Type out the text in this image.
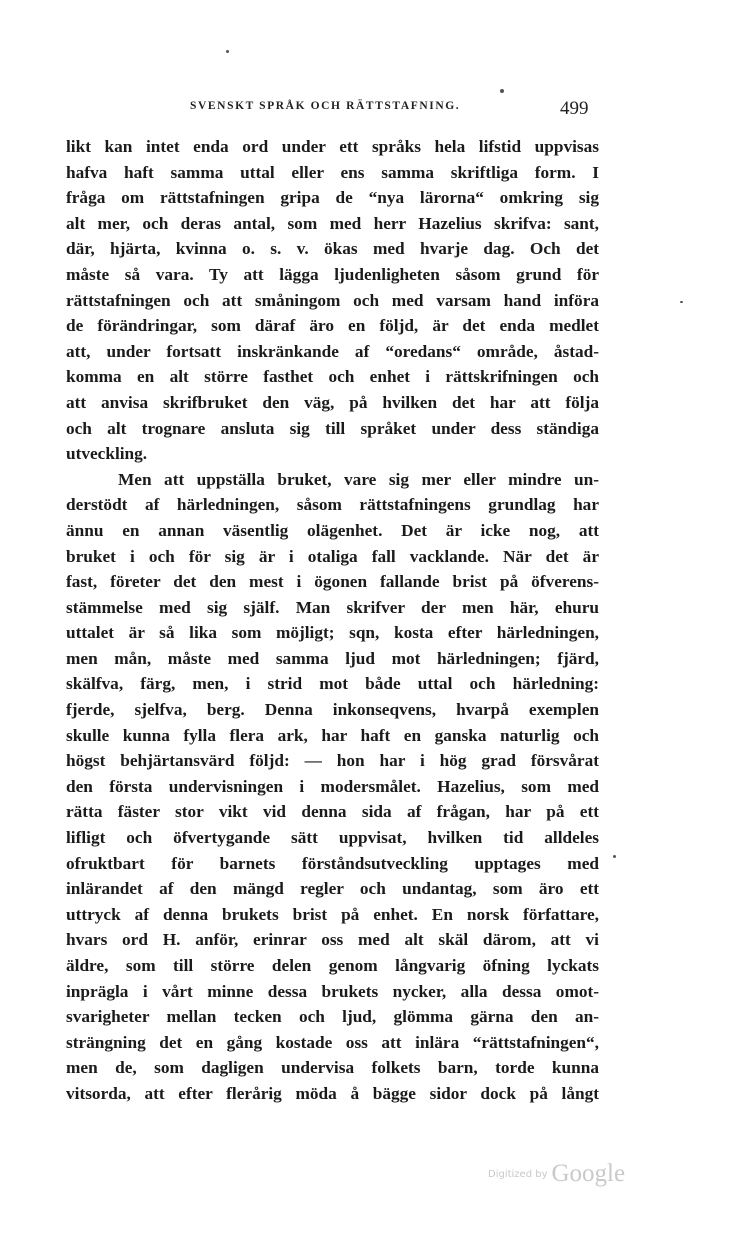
SVENSKT SPRÅK OCH RÄTTSTAFNING.	499
likt kan intet enda ord under ett språks hela lifstid uppvisas
hafva haft samma uttal eller ens samma skriftliga form. I
fråga om rättstafningen gripa de “nya lärorna“ omkring sig
alt mer, och deras antal, som med herr Hazelius skrifva: sant,
där, hjärta, kvinna o. s. v. ökas med hvarje dag. Och det
måste så vara. Ty att lägga ljudenligheten såsom grund för
rättstafningen och att småningom och med varsam hand införa
de förändringar, som däraf äro en följd, är det enda medlet
att, under fortsatt inskränkande af “oredans“ område, åstad-
komma en alt större fasthet och enhet i rättskrifningen och
att anvisa skrifbruket den väg, på hvilken det har att följa
och alt trognare ansluta sig till språket under dess ständiga
utveckling.
Men att uppställa bruket, vare sig mer eller mindre un-
derstödt af härledningen, såsom rättstafningens grundlag har
ännu en annan väsentlig olägenhet. Det är icke nog, att
bruket i och för sig är i otaliga fall vacklande. När det är
fast, företer det den mest i ögonen fallande brist på öfverens-
stämmelse med sig själf. Man skrifver der men här, ehuru
uttalet är så lika som möjligt; sqn, kosta efter härledningen,
men mån, måste med samma ljud mot härledningen; fjärd,
skälfva, färg, men, i strid mot både uttal och härledning:
fjerde, sjelfva, berg. Denna inkonseqvens, hvarpå exemplen
skulle kunna fylla flera ark, har haft en ganska naturlig och
högst behjärtansvärd följd: — hon har i hög grad försvårat
den första undervisningen i modersmålet. Hazelius, som med
rätta fäster stor vikt vid denna sida af frågan, har på ett
lifligt och öfvertygande sätt uppvisat, hvilken tid alldeles
ofruktbart för barnets förståndsutveckling upptages med
inlärandet af den mängd regler och undantag, som äro ett
uttryck af denna brukets brist på enhet. En norsk författare,
hvars ord H. anför, erinrar oss med alt skäl därom, att vi
äldre, som till större delen genom långvarig öfning lyckats
inprägla i vårt minne dessa brukets nycker, alla dessa omot-
svarigheter mellan tecken och ljud, glömma gärna den an-
strängning det en gång kostade oss att inlära “rättstafningen“,
men de, som dagligen undervisa folkets barn, torde kunna
vitsorda, att efter flerårig möda å bägge sidor dock på långt
Digitized by Google
